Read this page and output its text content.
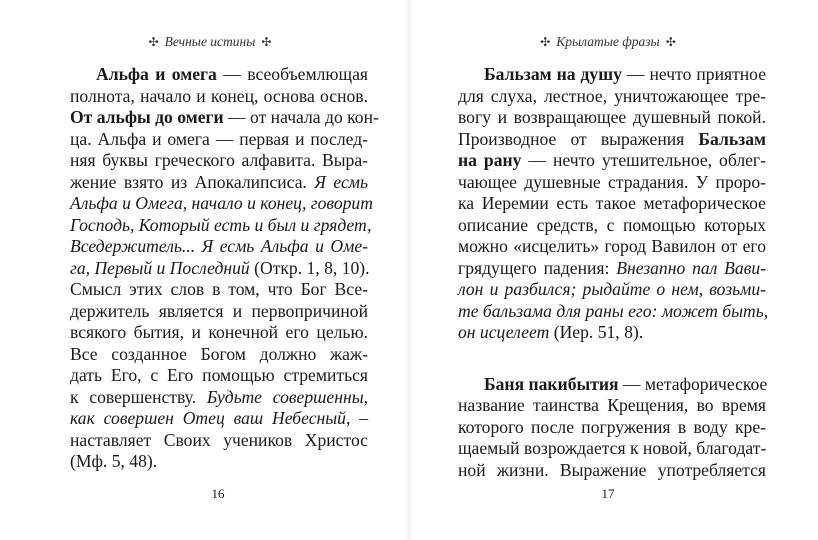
✣ Вечные истины ✣
Альфа и омега — всеобъемлющая
полнота, начало и конец, основа основ.
От альфы до омеги — от начала до кон-
ца. Альфа и омега — первая и послед-
няя буквы греческого алфавита. Выра-
жение взято из Апокалипсиса. Я есмь
Альфа и Омега, начало и конец, говорит
Господь, Который есть и был и грядет,
Вседержитель... Я есмь Альфа и Оме-
га, Первый и Последний (Откр. 1, 8, 10).
Смысл этих слов в том, что Бог Все-
держитель является и первопричиной
всякого бытия, и конечной его целью.
Все созданное Богом должно жаж-
дать Его, с Его помощью стремиться
к совершенству. Будьте совершенны,
как совершен Отец ваш Небесный, –
наставляет Своих учеников Христос
(Мф. 5, 48).
16
✣ Крылатые фразы ✣
Бальзам на душу — нечто приятное
для слуха, лестное, уничтожающее тре-
вогу и возвращающее душевный покой.
Производное от выражения Бальзам
на рану — нечто утешительное, облег-
чающее душевные страдания. У проро-
ка Иеремии есть такое метафорическое
описание средств, с помощью которых
можно «исцелить» город Вавилон от его
грядущего падения: Внезапно пал Вави-
лон и разбился; рыдайте о нем, возьми-
те бальзама для раны его: может быть,
он исцелеет (Иер. 51, 8).
Баня пакибытия — метафорическое
название таинства Крещения, во время
которого после погружения в воду кре-
щаемый возрождается к новой, благодат-
ной жизни. Выражение употребляется
17
